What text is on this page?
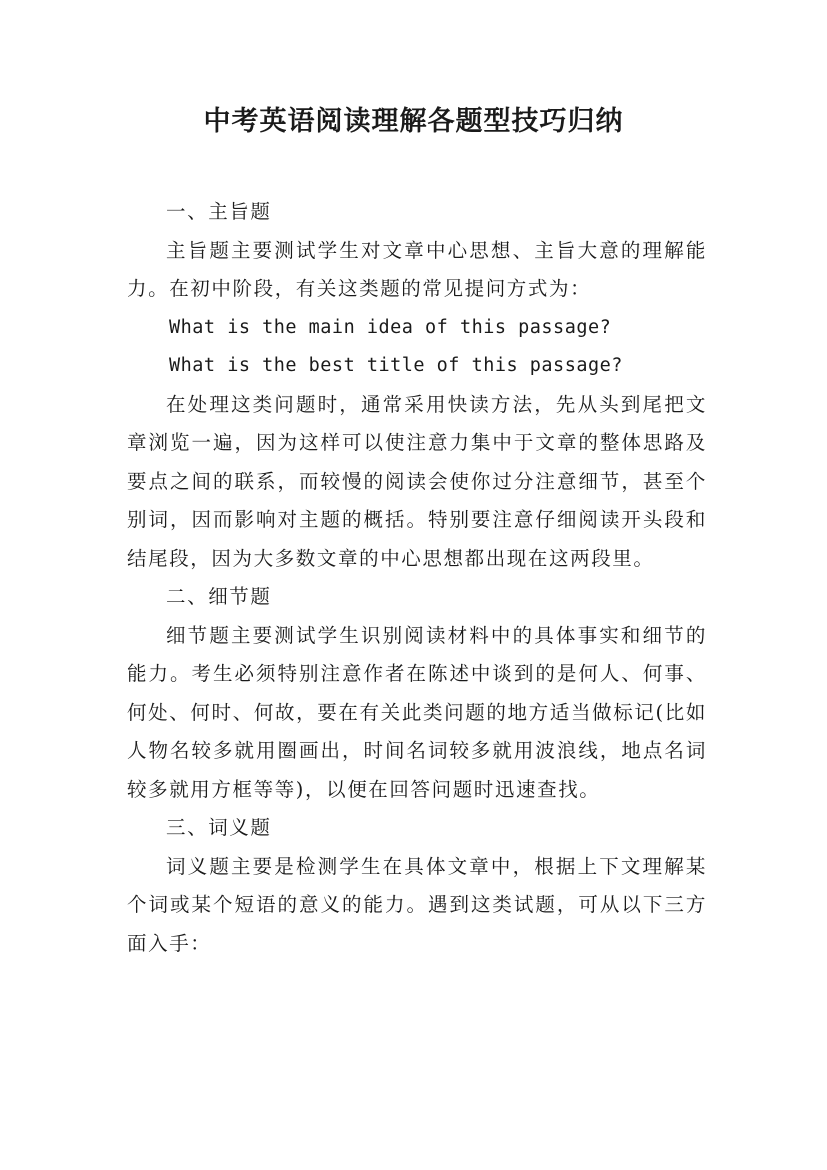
中考英语阅读理解各题型技巧归纳

一、主旨题

主旨题主要测试学生对文章中心思想、主旨大意的理解能力。在初中阶段，有关这类题的常见提问方式为：

What is the main idea of this passage?

What is the best title of this passage?

在处理这类问题时，通常采用快读方法，先从头到尾把文章浏览一遍，因为这样可以使注意力集中于文章的整体思路及要点之间的联系，而较慢的阅读会使你过分注意细节，甚至个别词，因而影响对主题的概括。特别要注意仔细阅读开头段和结尾段，因为大多数文章的中心思想都出现在这两段里。

二、细节题

细节题主要测试学生识别阅读材料中的具体事实和细节的能力。考生必须特别注意作者在陈述中谈到的是何人、何事、何处、何时、何故，要在有关此类问题的地方适当做标记(比如人物名较多就用圈画出，时间名词较多就用波浪线，地点名词较多就用方框等等)，以便在回答问题时迅速查找。

三、词义题

词义题主要是检测学生在具体文章中，根据上下文理解某个词或某个短语的意义的能力。遇到这类试题，可从以下三方面入手：
